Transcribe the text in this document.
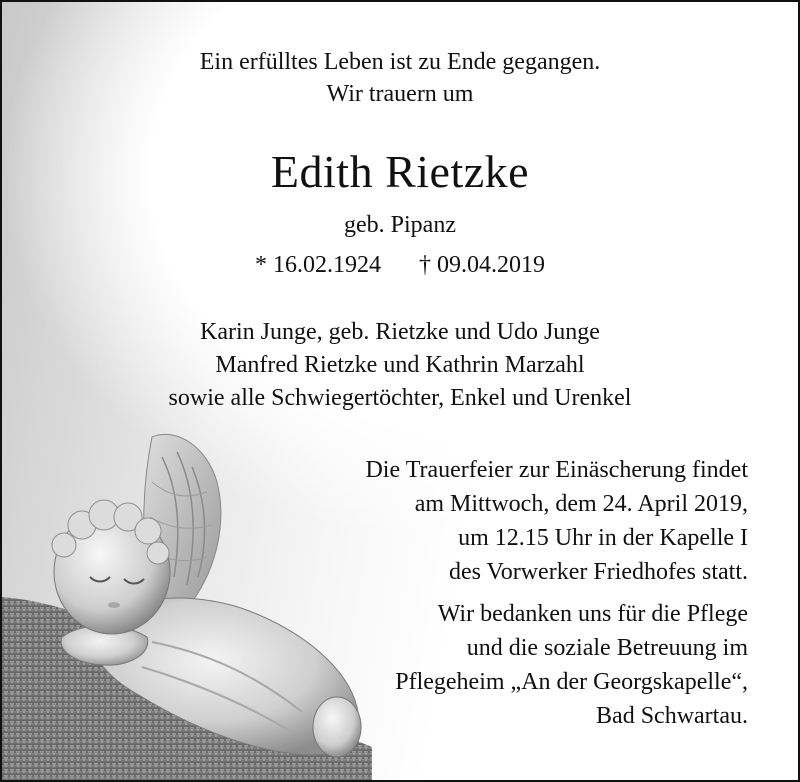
Ein erfülltes Leben ist zu Ende gegangen.
Wir trauern um
Edith Rietzke
geb. Pipanz
* 16.02.1924 † 09.04.2019
Karin Junge, geb. Rietzke und Udo Junge
Manfred Rietzke und Kathrin Marzahl
sowie alle Schwiegertöchter, Enkel und Urenkel
Die Trauerfeier zur Einäscherung findet
am Mittwoch, dem 24. April 2019,
um 12.15 Uhr in der Kapelle I
des Vorwerker Friedhofes statt.
Wir bedanken uns für die Pflege
und die soziale Betreuung im
Pflegeheim „An der Georgskapelle“,
Bad Schwartau.
